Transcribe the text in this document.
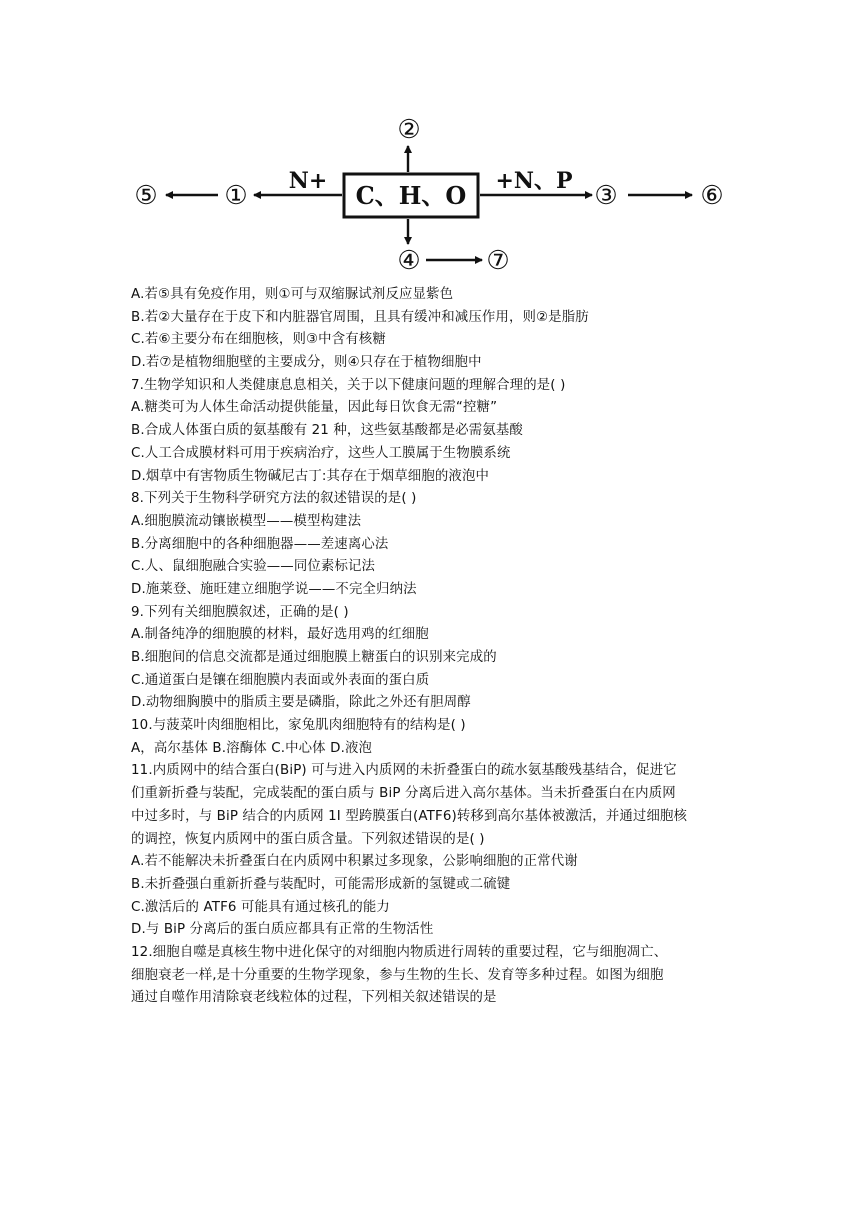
C、H、O
N+	+N、P
⑤	①
②
③	⑥
④	⑦
A.若⑤具有免疫作用，则①可与双缩脲试剂反应显紫色
B.若②大量存在于皮下和内脏器官周围，且具有缓冲和减压作用，则②是脂肪
C.若⑥主要分布在细胞核，则③中含有核糖
D.若⑦是植物细胞壁的主要成分，则④只存在于植物细胞中
7.生物学知识和人类健康息息相关，关于以下健康问题的理解合理的是( )
A.糖类可为人体生命活动提供能量，因此每日饮食无需“控糖”
B.合成人体蛋白质的氨基酸有 21 种，这些氨基酸都是必需氨基酸
C.人工合成膜材料可用于疾病治疗，这些人工膜属于生物膜系统
D.烟草中有害物质生物碱尼古丁:其存在于烟草细胞的液泡中
8.下列关于生物科学研究方法的叙述错误的是( )
A.细胞膜流动镶嵌模型——模型构建法
B.分离细胞中的各种细胞器——差速离心法
C.人、鼠细胞融合实验——同位素标记法
D.施莱登、施旺建立细胞学说——不完全归纳法
9.下列有关细胞膜叙述，正确的是( )
A.制备纯净的细胞膜的材料，最好选用鸡的红细胞
B.细胞间的信息交流都是通过细胞膜上糖蛋白的识别来完成的
C.通道蛋白是镶在细胞膜内表面或外表面的蛋白质
D.动物细胸膜中的脂质主要是磷脂，除此之外还有胆周醇
10.与菠菜叶肉细胞相比，家兔肌肉细胞特有的结构是( )
A，高尔基体 B.溶酶体 C.中心体 D.液泡
11.内质网中的结合蛋白(BiP) 可与进入内质网的未折叠蛋白的疏水氨基酸残基结合，促进它
们重新折叠与装配，完成装配的蛋白质与 BiP 分离后进入高尔基体。当未折叠蛋白在内质网
中过多时，与 BiP 结合的内质网 1I 型跨膜蛋白(ATF6)转移到高尔基体被激活，并通过细胞核
的调控，恢复内质网中的蛋白质含量。下列叙述错误的是( )
A.若不能解决未折叠蛋白在内质网中积累过多现象，公影响细胞的正常代谢
B.未折叠强白重新折叠与装配时，可能需形成新的氢键或二硫键
C.激活后的 ATF6 可能具有通过核孔的能力
D.与 BiP 分离后的蛋白质应都具有正常的生物活性
12.细胞自噬是真核生物中进化保守的对细胞内物质进行周转的重要过程，它与细胞凋亡、
细胞衰老一样,是十分重要的生物学现象，参与生物的生长、发育等多种过程。如图为细胞
通过自噬作用清除衰老线粒体的过程，下列相关叙述错误的是
